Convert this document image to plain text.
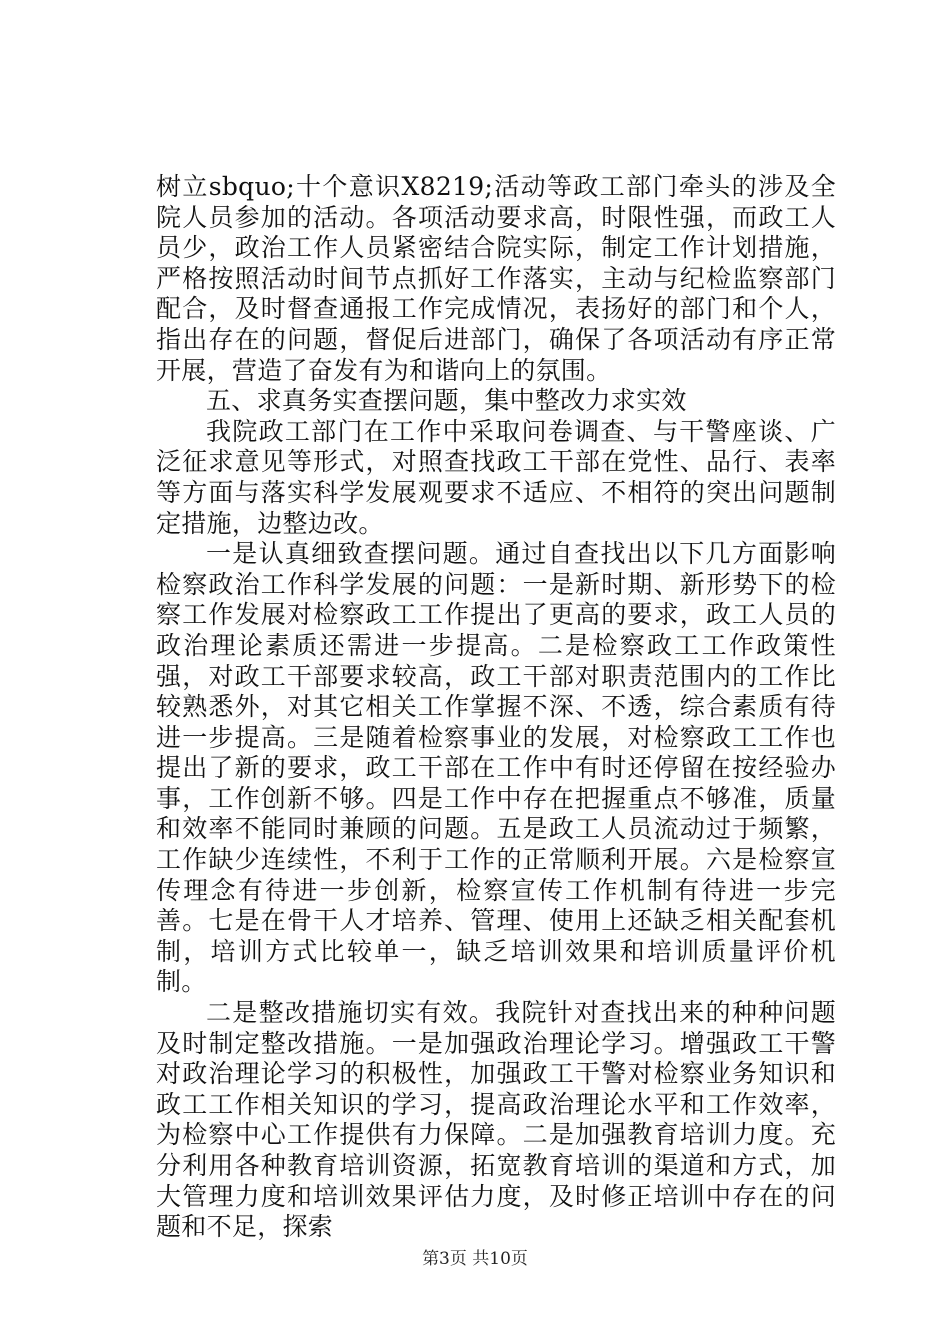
树立sbquo;十个意识X8219;活动等政工部门牵头的涉及全院人员参加的活动。各项活动要求高，时限性强，而政工人员少，政治工作人员紧密结合院实际，制定工作计划措施，严格按照活动时间节点抓好工作落实，主动与纪检监察部门配合，及时督查通报工作完成情况，表扬好的部门和个人，指出存在的问题，督促后进部门，确保了各项活动有序正常开展，营造了奋发有为和谐向上的氛围。

五、求真务实查摆问题，集中整改力求实效

我院政工部门在工作中采取问卷调查、与干警座谈、广泛征求意见等形式，对照查找政工干部在党性、品行、表率等方面与落实科学发展观要求不适应、不相符的突出问题制定措施，边整边改。

一是认真细致查摆问题。通过自查找出以下几方面影响检察政治工作科学发展的问题：一是新时期、新形势下的检察工作发展对检察政工工作提出了更高的要求，政工人员的政治理论素质还需进一步提高。二是检察政工工作政策性强，对政工干部要求较高，政工干部对职责范围内的工作比较熟悉外，对其它相关工作掌握不深、不透，综合素质有待进一步提高。三是随着检察事业的发展，对检察政工工作也提出了新的要求，政工干部在工作中有时还停留在按经验办事，工作创新不够。四是工作中存在把握重点不够准，质量和效率不能同时兼顾的问题。五是政工人员流动过于频繁，工作缺少连续性，不利于工作的正常顺利开展。六是检察宣传理念有待进一步创新，检察宣传工作机制有待进一步完善。七是在骨干人才培养、管理、使用上还缺乏相关配套机制，培训方式比较单一，缺乏培训效果和培训质量评价机制。

二是整改措施切实有效。我院针对查找出来的种种问题及时制定整改措施。一是加强政治理论学习。增强政工干警对政治理论学习的积极性，加强政工干警对检察业务知识和政工工作相关知识的学习，提高政治理论水平和工作效率，为检察中心工作提供有力保障。二是加强教育培训力度。充分利用各种教育培训资源，拓宽教育培训的渠道和方式，加大管理力度和培训效果评估力度，及时修正培训中存在的问题和不足，探索

第3页 共10页
